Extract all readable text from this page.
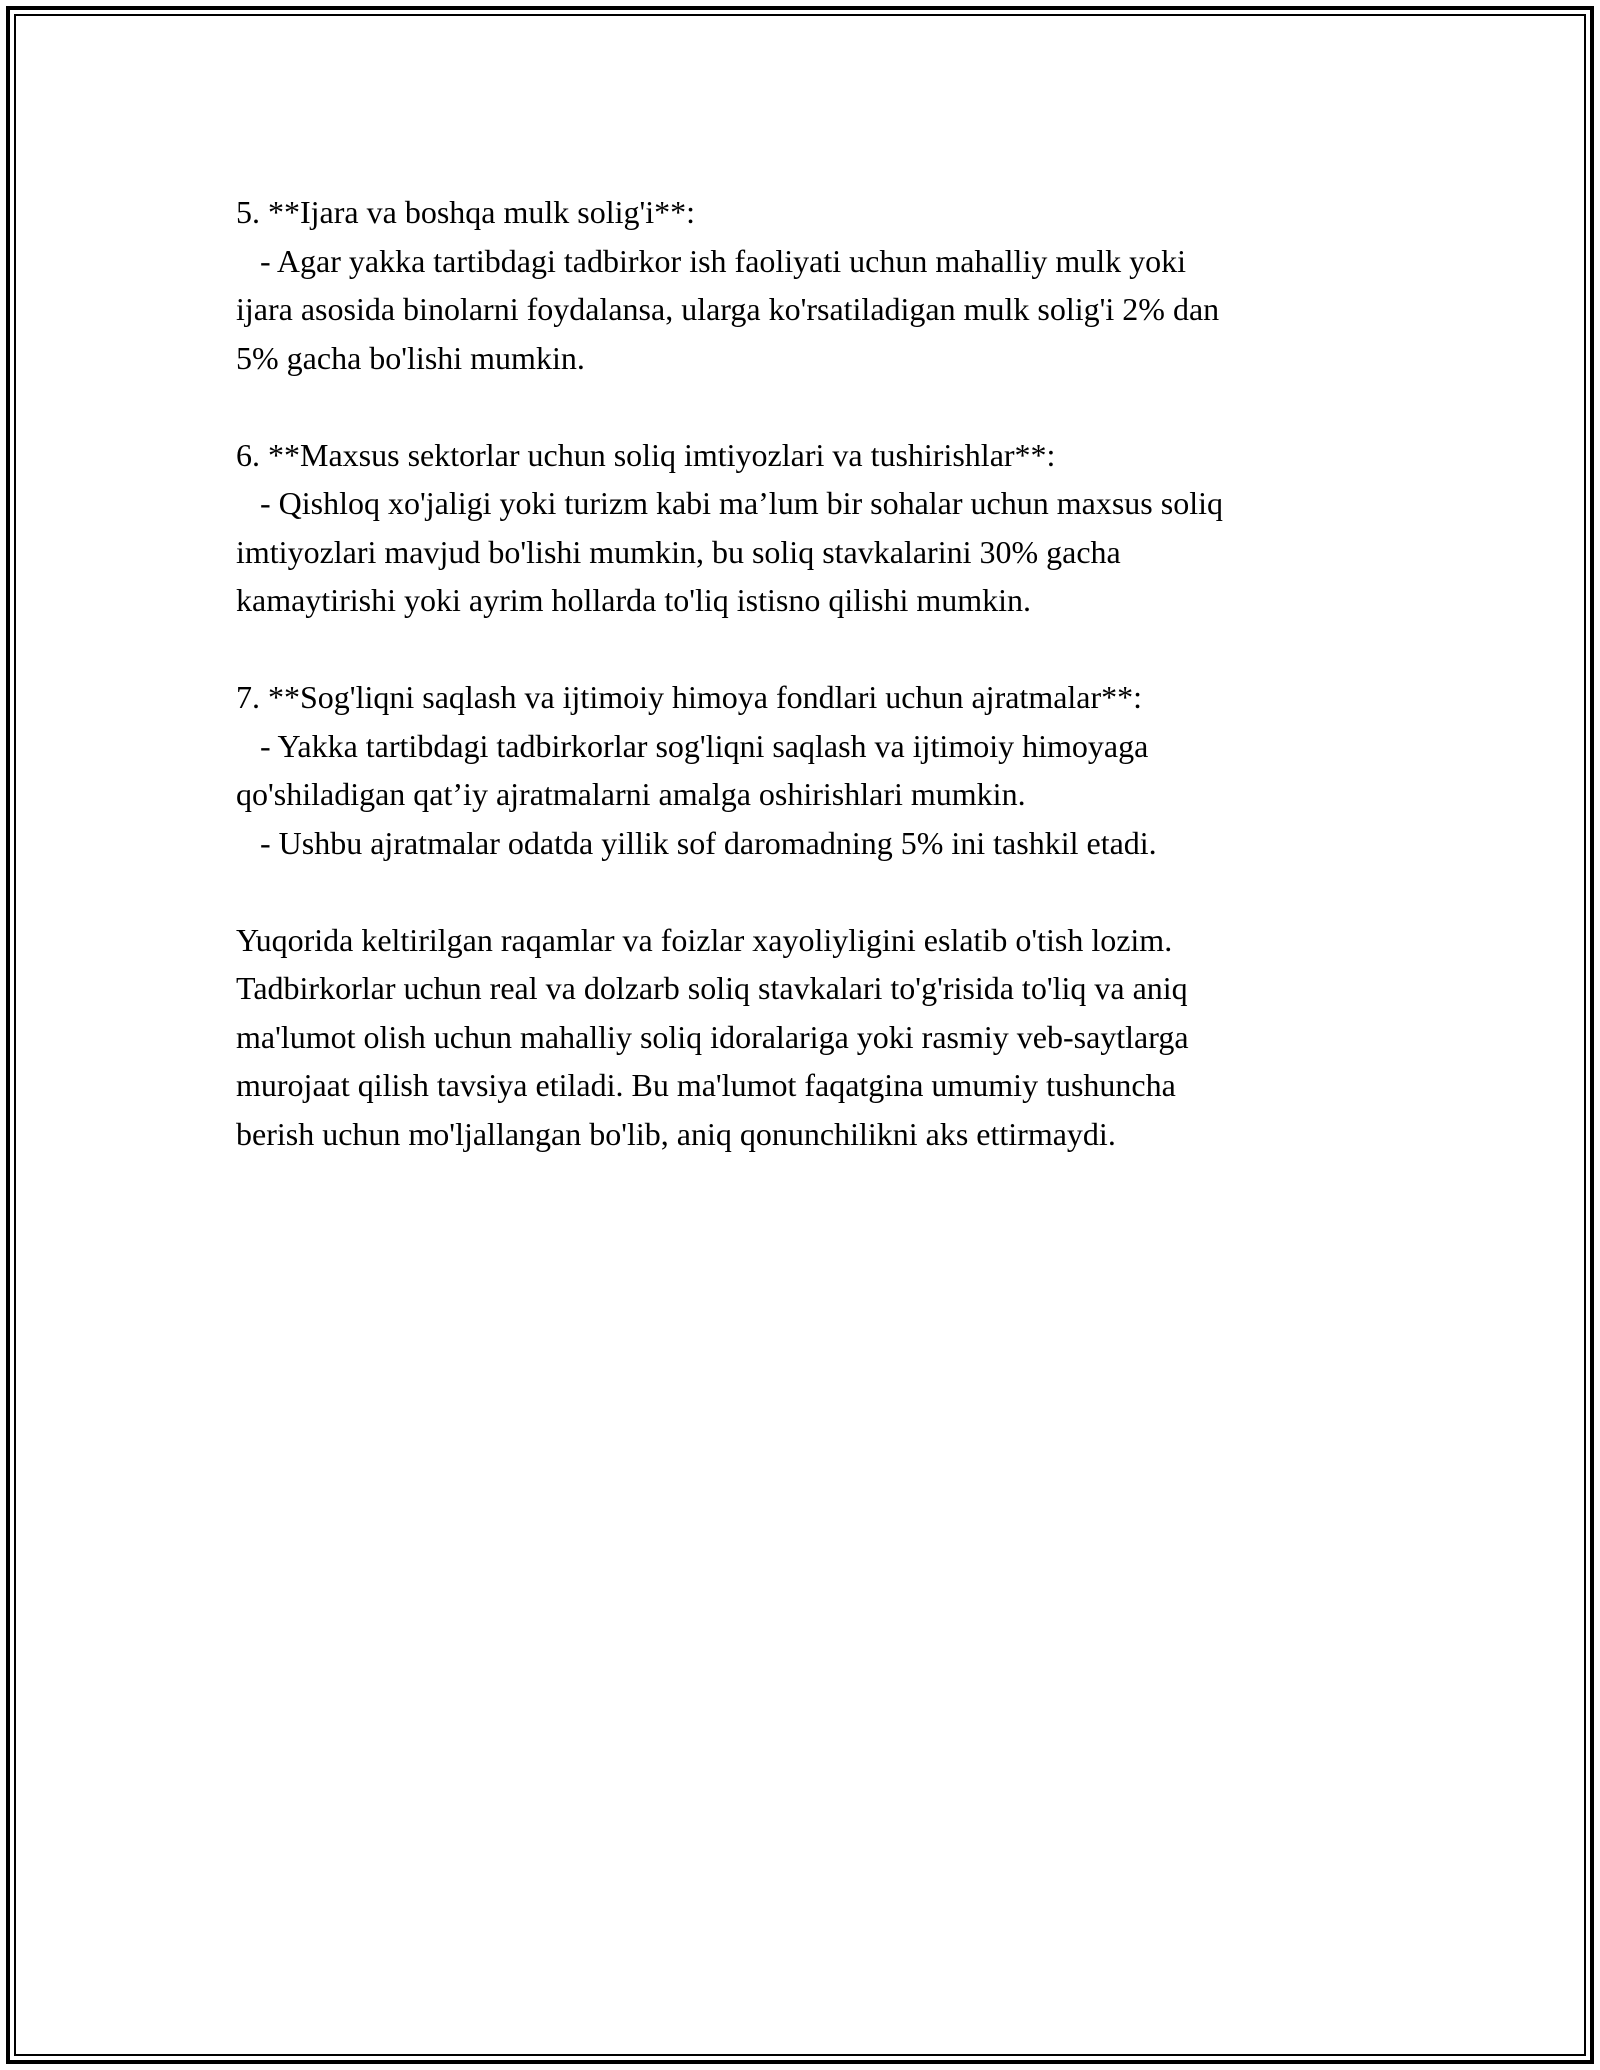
5. **Ijara va boshqa mulk solig'i**:

- Agar yakka tartibdagi tadbirkor ish faoliyati uchun mahalliy mulk yoki

ijara asosida binolarni foydalansa, ularga ko'rsatiladigan mulk solig'i 2% dan

5% gacha bo'lishi mumkin.

6. **Maxsus sektorlar uchun soliq imtiyozlari va tushirishlar**:

- Qishloq xo'jaligi yoki turizm kabi ma’lum bir sohalar uchun maxsus soliq

imtiyozlari mavjud bo'lishi mumkin, bu soliq stavkalarini 30% gacha

kamaytirishi yoki ayrim hollarda to'liq istisno qilishi mumkin.

7. **Sog'liqni saqlash va ijtimoiy himoya fondlari uchun ajratmalar**:

- Yakka tartibdagi tadbirkorlar sog'liqni saqlash va ijtimoiy himoyaga

qo'shiladigan qat’iy ajratmalarni amalga oshirishlari mumkin.

- Ushbu ajratmalar odatda yillik sof daromadning 5% ini tashkil etadi.

Yuqorida keltirilgan raqamlar va foizlar xayoliyligini eslatib o'tish lozim.

Tadbirkorlar uchun real va dolzarb soliq stavkalari to'g'risida to'liq va aniq

ma'lumot olish uchun mahalliy soliq idoralariga yoki rasmiy veb-saytlarga

murojaat qilish tavsiya etiladi. Bu ma'lumot faqatgina umumiy tushuncha

berish uchun mo'ljallangan bo'lib, aniq qonunchilikni aks ettirmaydi.
